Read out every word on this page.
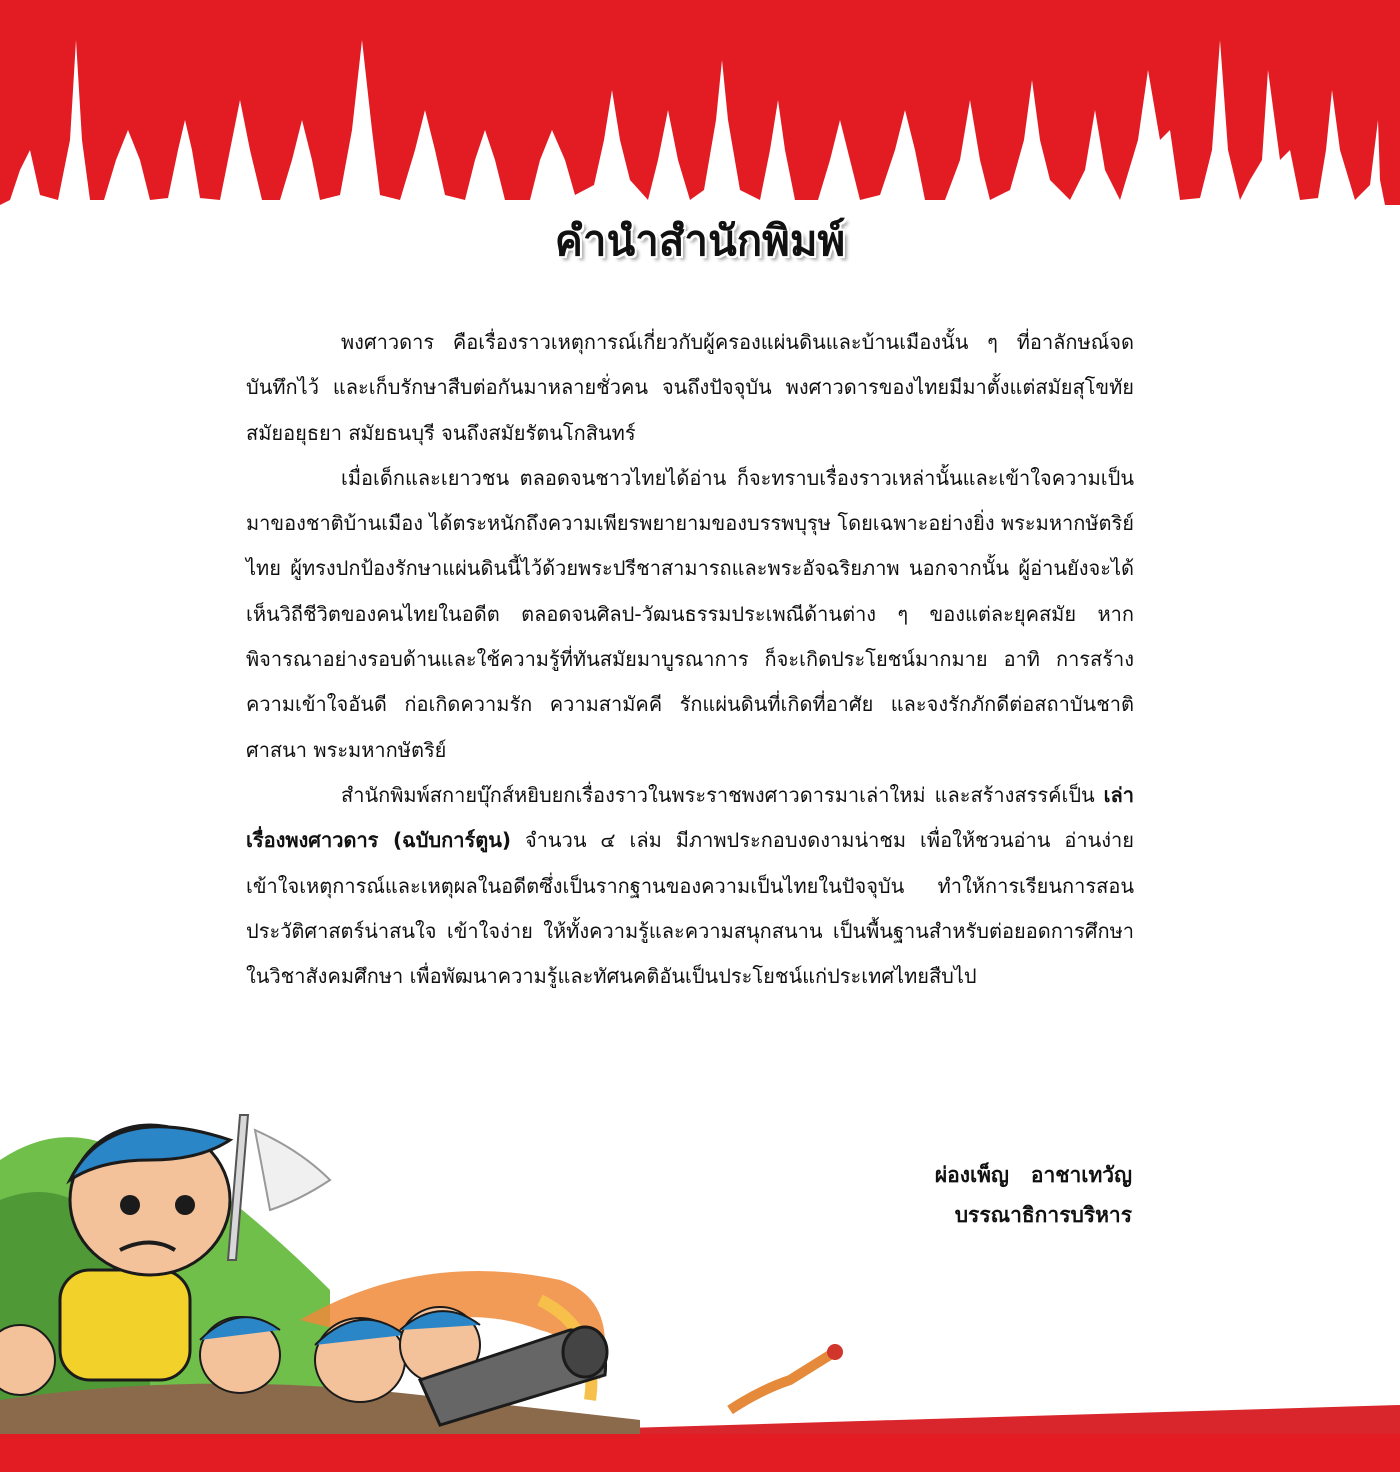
คำนำสำนักพิมพ์

พงศาวดาร คือเรื่องราวเหตุการณ์เกี่ยวกับผู้ครองแผ่นดินและบ้านเมืองนั้น ๆ ที่อาลักษณ์จดบันทึกไว้ และเก็บรักษาสืบต่อกันมาหลายชั่วคน จนถึงปัจจุบัน พงศาวดารของไทยมีมาตั้งแต่สมัยสุโขทัย สมัยอยุธยา สมัยธนบุรี จนถึงสมัยรัตนโกสินทร์

เมื่อเด็กและเยาวชน ตลอดจนชาวไทยได้อ่าน ก็จะทราบเรื่องราวเหล่านั้นและเข้าใจความเป็นมาของชาติบ้านเมือง ได้ตระหนักถึงความเพียรพยายามของบรรพบุรุษ โดยเฉพาะอย่างยิ่ง พระมหากษัตริย์ไทย ผู้ทรงปกป้องรักษาแผ่นดินนี้ไว้ด้วยพระปรีชาสามารถและพระอัจฉริยภาพ นอกจากนั้น ผู้อ่านยังจะได้เห็นวิถีชีวิตของคนไทยในอดีต ตลอดจนศิลป-วัฒนธรรมประเพณีด้านต่าง ๆ ของแต่ละยุคสมัย หากพิจารณาอย่างรอบด้านและใช้ความรู้ที่ทันสมัยมาบูรณาการ ก็จะเกิดประโยชน์มากมาย อาทิ การสร้างความเข้าใจอันดี ก่อเกิดความรัก ความสามัคคี รักแผ่นดินที่เกิดที่อาศัย และจงรักภักดีต่อสถาบันชาติ ศาสนา พระมหากษัตริย์

สำนักพิมพ์สกายบุ๊กส์หยิบยกเรื่องราวในพระราชพงศาวดารมาเล่าใหม่ และสร้างสรรค์เป็น เล่าเรื่องพงศาวดาร (ฉบับการ์ตูน) จำนวน ๔ เล่ม มีภาพประกอบงดงามน่าชม เพื่อให้ชวนอ่าน อ่านง่าย เข้าใจเหตุการณ์และเหตุผลในอดีตซึ่งเป็นรากฐานของความเป็นไทยในปัจจุบัน ทำให้การเรียนการสอนประวัติศาสตร์น่าสนใจ เข้าใจง่าย ให้ทั้งความรู้และความสนุกสนาน เป็นพื้นฐานสำหรับต่อยอดการศึกษาในวิชาสังคมศึกษา เพื่อพัฒนาความรู้และทัศนคติอันเป็นประโยชน์แก่ประเทศไทยสืบไป

ผ่องเพ็ญ   อาชาเทวัญ
บรรณาธิการบริหาร
